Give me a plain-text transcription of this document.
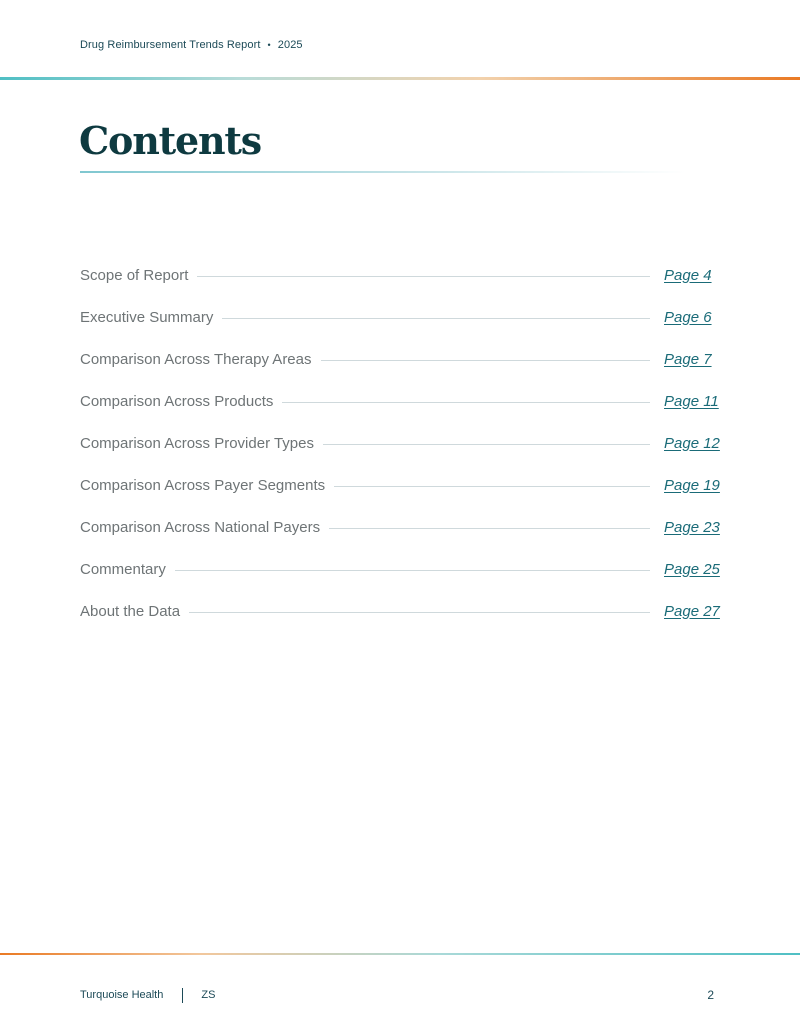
Drug Reimbursement Trends Report • 2025
Contents
Scope of Report	Page 4
Executive Summary	Page 6
Comparison Across Therapy Areas	Page 7
Comparison Across Products	Page 11
Comparison Across Provider Types	Page 12
Comparison Across Payer Segments	Page 19
Comparison Across National Payers	Page 23
Commentary	Page 25
About the Data	Page 27
Turquoise Health	ZS	2
